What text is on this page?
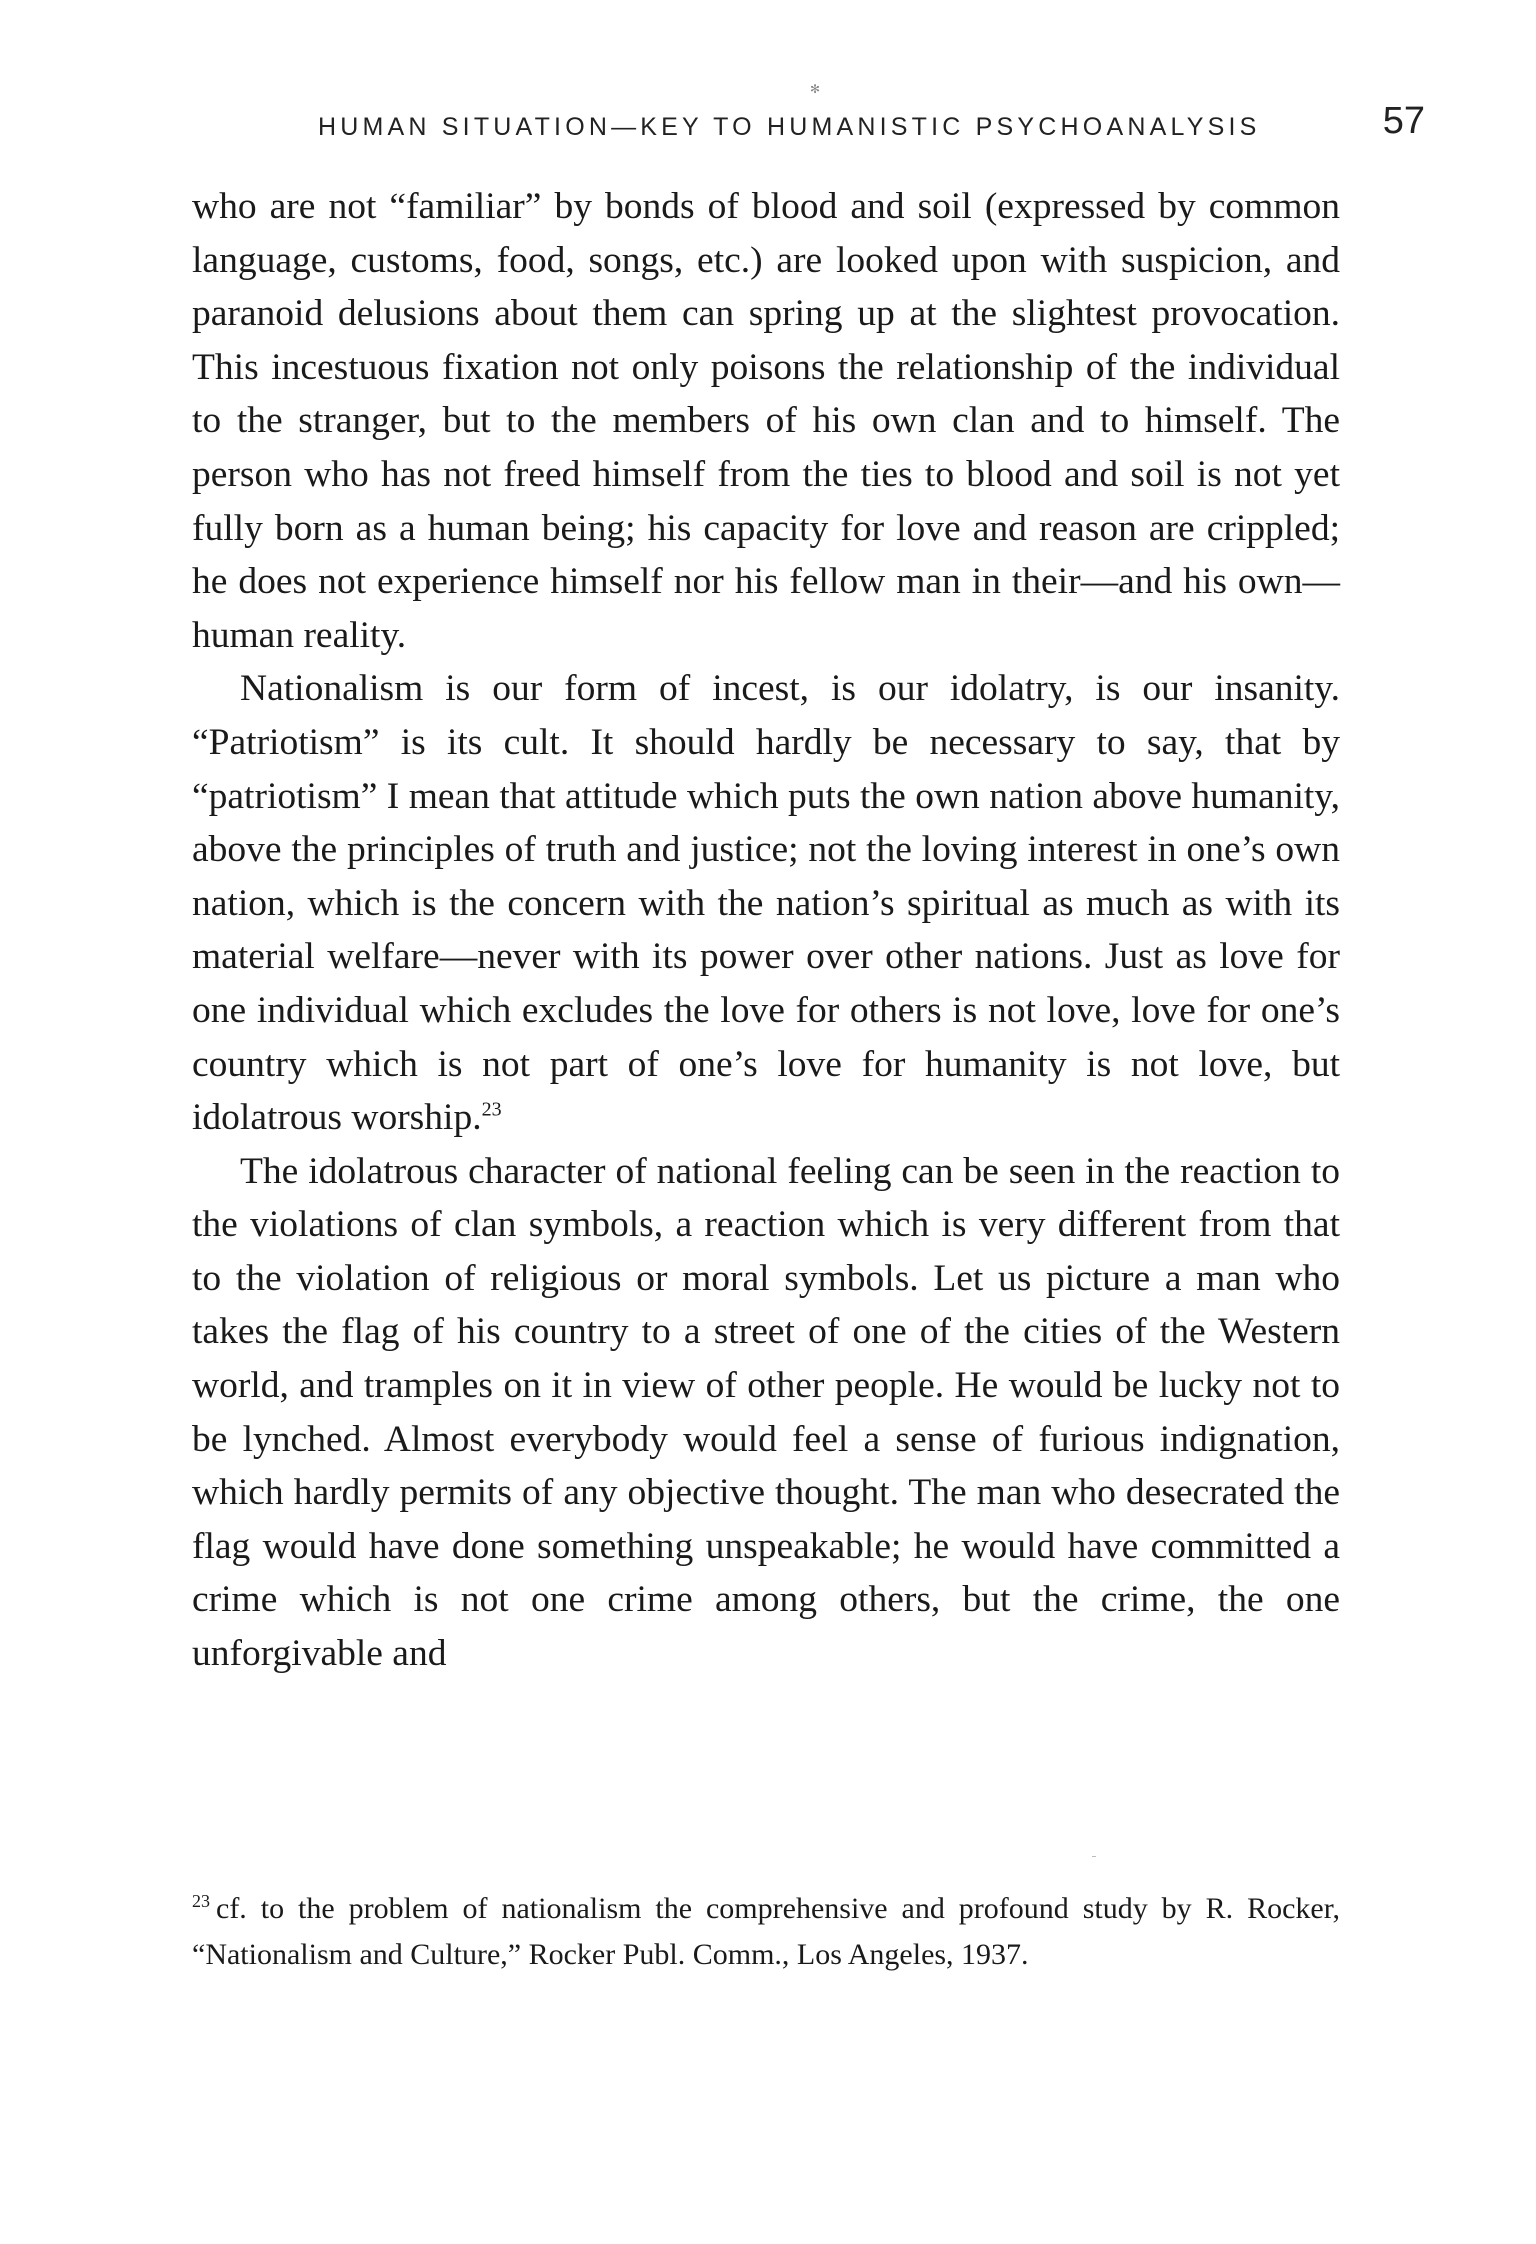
✻
HUMAN SITUATION—KEY TO HUMANISTIC PSYCHOANALYSIS	57

who are not “familiar” by bonds of blood and soil (expressed by common language, customs, food, songs, etc.) are looked upon with suspicion, and paranoid delusions about them can spring up at the slightest provocation. This incestuous fixation not only poisons the relationship of the individual to the stranger, but to the members of his own clan and to himself. The person who has not freed himself from the ties to blood and soil is not yet fully born as a human being; his capacity for love and reason are crippled; he does not experience himself nor his fellow man in their—and his own—human reality.

Nationalism is our form of incest, is our idolatry, is our insanity. “Patriotism” is its cult. It should hardly be necessary to say, that by “patriotism” I mean that attitude which puts the own nation above humanity, above the principles of truth and justice; not the loving interest in one’s own nation, which is the concern with the nation’s spiritual as much as with its material welfare—never with its power over other nations. Just as love for one individual which excludes the love for others is not love, love for one’s country which is not part of one’s love for humanity is not love, but idolatrous worship.$^{23}$

The idolatrous character of national feeling can be seen in the reaction to the violations of clan symbols, a reaction which is very different from that to the violation of religious or moral symbols. Let us picture a man who takes the flag of his country to a street of one of the cities of the Western world, and tramples on it in view of other people. He would be lucky not to be lynched. Almost everybody would feel a sense of furious indignation, which hardly permits of any objective thought. The man who desecrated the flag would have done something unspeakable; he would have committed a crime which is not one crime among others, but the crime, the one unforgivable and

$^{23}$ cf. to the problem of nationalism the comprehensive and profound study by R. Rocker, “Nationalism and Culture,” Rocker Publ. Comm., Los Angeles, 1937.
